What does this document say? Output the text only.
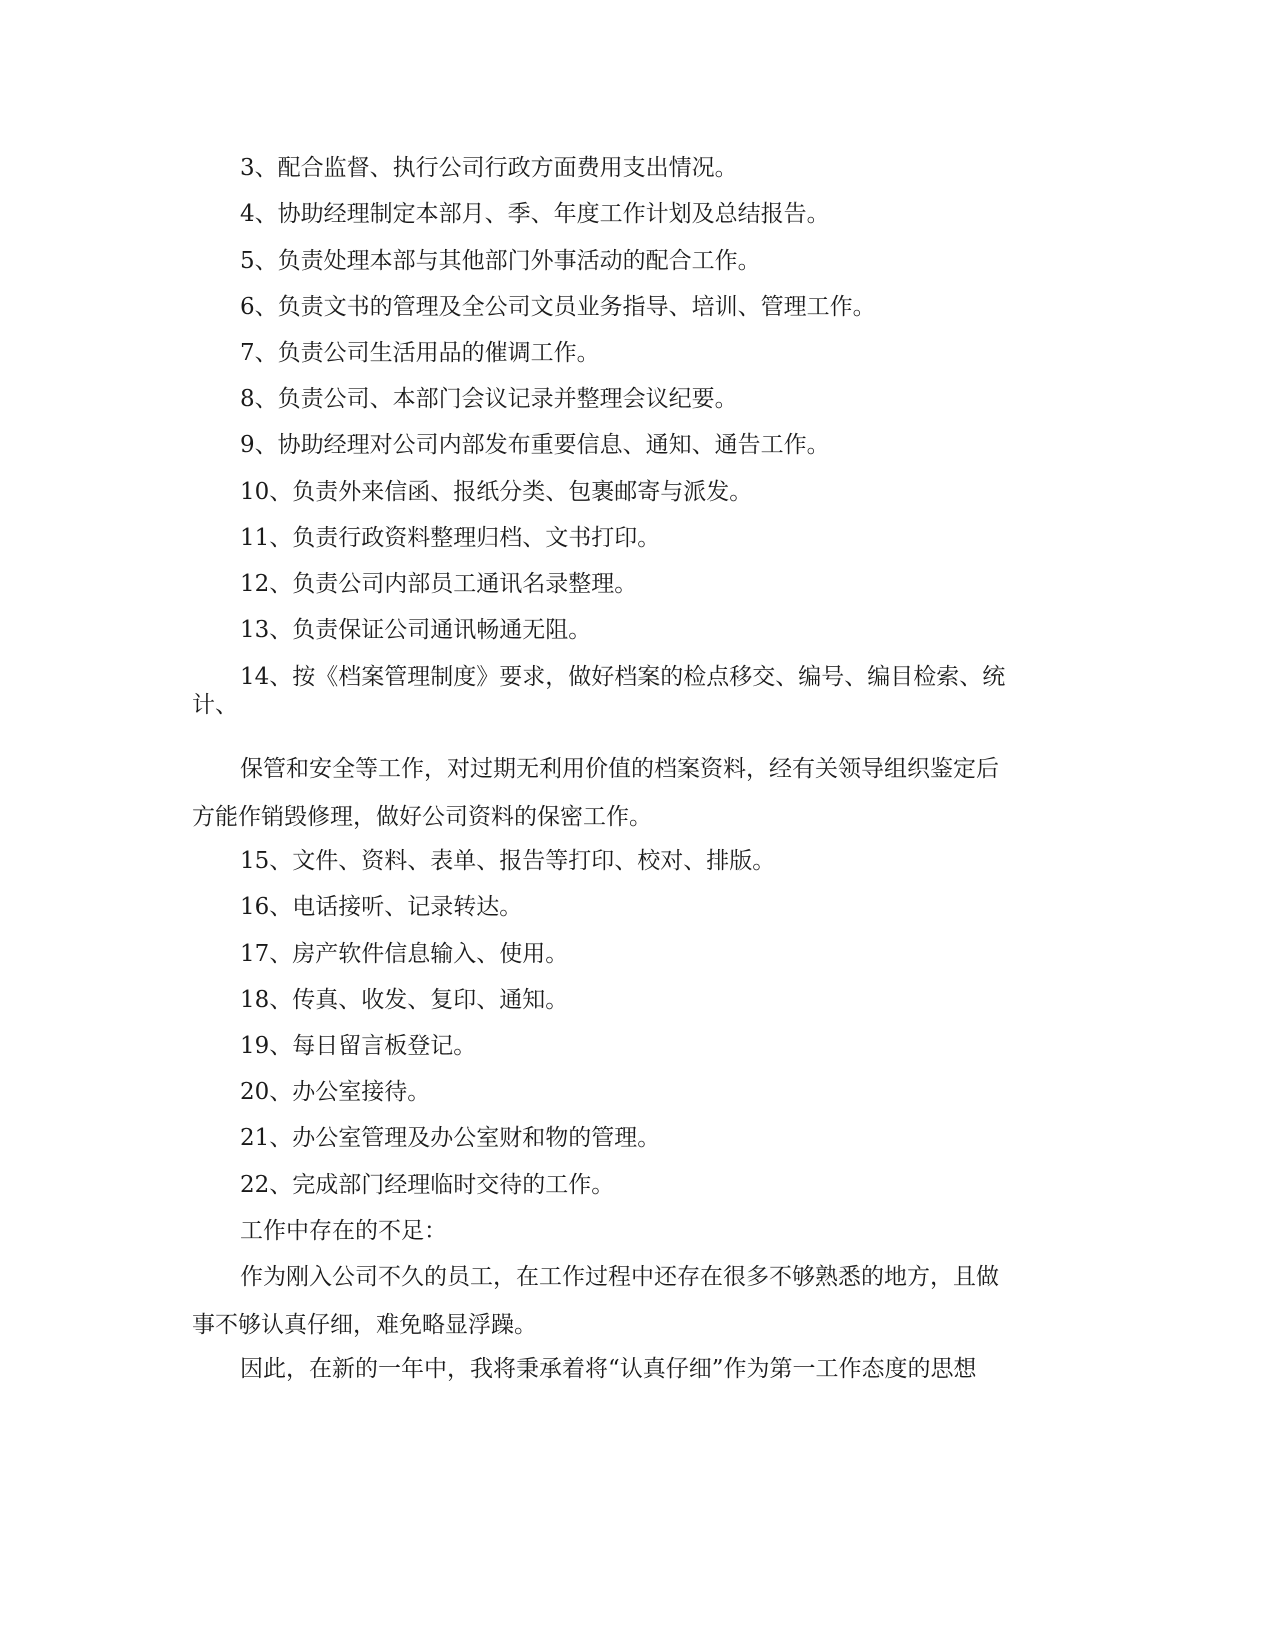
3、配合监督、执行公司行政方面费用支出情况。

4、协助经理制定本部月、季、年度工作计划及总结报告。

5、负责处理本部与其他部门外事活动的配合工作。

6、负责文书的管理及全公司文员业务指导、培训、管理工作。

7、负责公司生活用品的催调工作。

8、负责公司、本部门会议记录并整理会议纪要。

9、协助经理对公司内部发布重要信息、通知、通告工作。

10、负责外来信函、报纸分类、包裹邮寄与派发。

11、负责行政资料整理归档、文书打印。

12、负责公司内部员工通讯名录整理。

13、负责保证公司通讯畅通无阻。

14、按《档案管理制度》要求，做好档案的检点移交、编号、编目检索、统
计、

保管和安全等工作，对过期无利用价值的档案资料，经有关领导组织鉴定后
方能作销毁修理，做好公司资料的保密工作。

15、文件、资料、表单、报告等打印、校对、排版。

16、电话接听、记录转达。

17、房产软件信息输入、使用。

18、传真、收发、复印、通知。

19、每日留言板登记。

20、办公室接待。

21、办公室管理及办公室财和物的管理。

22、完成部门经理临时交待的工作。

工作中存在的不足：

作为刚入公司不久的员工，在工作过程中还存在很多不够熟悉的地方，且做
事不够认真仔细，难免略显浮躁。

因此，在新的一年中，我将秉承着将“认真仔细”作为第一工作态度的思想
